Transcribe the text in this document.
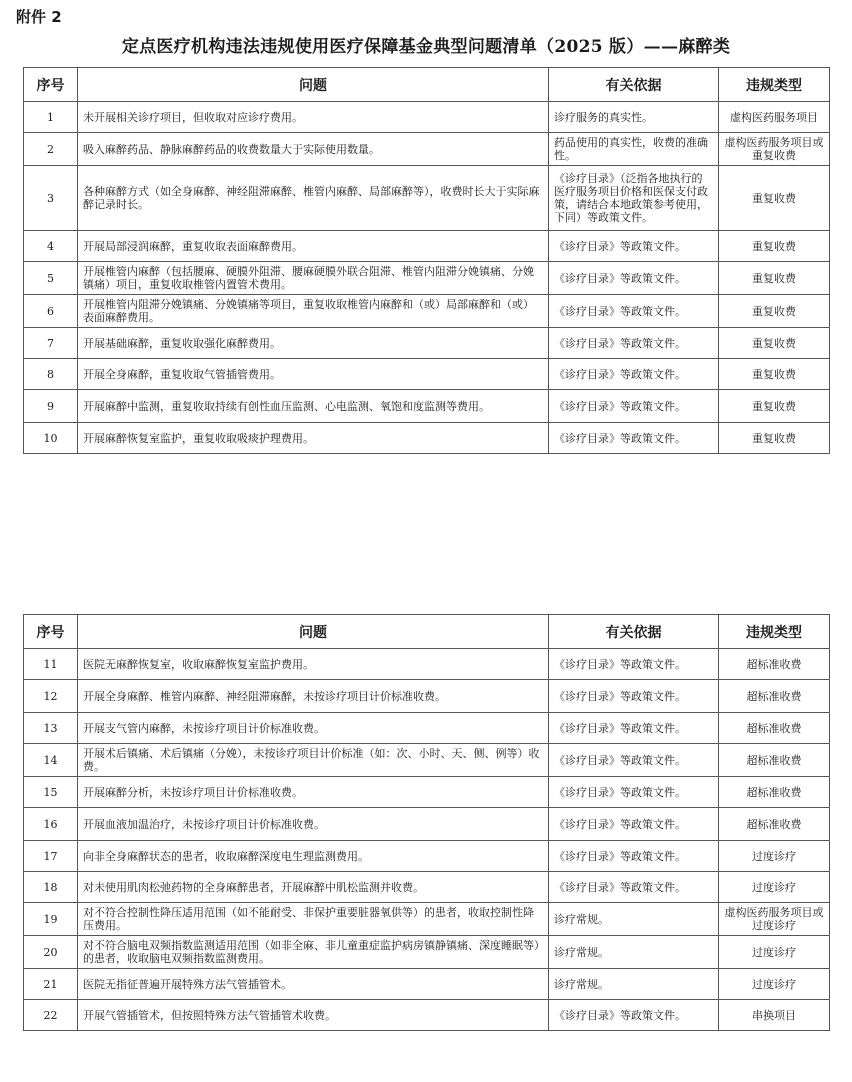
附件 2
定点医疗机构违法违规使用医疗保障基金典型问题清单（2025 版）——麻醉类
序号	问题	有关依据	违规类型
1	未开展相关诊疗项目，但收取对应诊疗费用。	诊疗服务的真实性。	虚构医药服务项目
2	吸入麻醉药品、静脉麻醉药品的收费数量大于实际使用数量。	药品使用的真实性，收费的准确性。	虚构医药服务项目或重复收费
3	各种麻醉方式（如全身麻醉、神经阻滞麻醉、椎管内麻醉、局部麻醉等），收费时长大于实际麻醉记录时长。	《诊疗目录》（泛指各地执行的医疗服务项目价格和医保支付政策，请结合本地政策参考使用，下同）等政策文件。	重复收费
4	开展局部浸润麻醉，重复收取表面麻醉费用。	《诊疗目录》等政策文件。	重复收费
5	开展椎管内麻醉（包括腰麻、硬膜外阻滞、腰麻硬膜外联合阻滞、椎管内阻滞分娩镇痛、分娩镇痛）项目，重复收取椎管内置管术费用。	《诊疗目录》等政策文件。	重复收费
6	开展椎管内阻滞分娩镇痛、分娩镇痛等项目，重复收取椎管内麻醉和（或）局部麻醉和（或）表面麻醉费用。	《诊疗目录》等政策文件。	重复收费
7	开展基础麻醉，重复收取强化麻醉费用。	《诊疗目录》等政策文件。	重复收费
8	开展全身麻醉，重复收取气管插管费用。	《诊疗目录》等政策文件。	重复收费
9	开展麻醉中监测，重复收取持续有创性血压监测、心电监测、氧饱和度监测等费用。	《诊疗目录》等政策文件。	重复收费
10	开展麻醉恢复室监护，重复收取吸痰护理费用。	《诊疗目录》等政策文件。	重复收费
序号	问题	有关依据	违规类型
11	医院无麻醉恢复室，收取麻醉恢复室监护费用。	《诊疗目录》等政策文件。	超标准收费
12	开展全身麻醉、椎管内麻醉、神经阻滞麻醉，未按诊疗项目计价标准收费。	《诊疗目录》等政策文件。	超标准收费
13	开展支气管内麻醉，未按诊疗项目计价标准收费。	《诊疗目录》等政策文件。	超标准收费
14	开展术后镇痛、术后镇痛（分娩），未按诊疗项目计价标准（如：次、小时、天、侧、例等）收费。	《诊疗目录》等政策文件。	超标准收费
15	开展麻醉分析，未按诊疗项目计价标准收费。	《诊疗目录》等政策文件。	超标准收费
16	开展血液加温治疗，未按诊疗项目计价标准收费。	《诊疗目录》等政策文件。	超标准收费
17	向非全身麻醉状态的患者，收取麻醉深度电生理监测费用。	《诊疗目录》等政策文件。	过度诊疗
18	对未使用肌肉松弛药物的全身麻醉患者，开展麻醉中肌松监测并收费。	《诊疗目录》等政策文件。	过度诊疗
19	对不符合控制性降压适用范围（如不能耐受、非保护重要脏器氧供等）的患者，收取控制性降压费用。	诊疗常规。	虚构医药服务项目或过度诊疗
20	对不符合脑电双频指数监测适用范围（如非全麻、非儿童重症监护病房镇静镇痛、深度睡眠等）的患者，收取脑电双频指数监测费用。	诊疗常规。	过度诊疗
21	医院无指征普遍开展特殊方法气管插管术。	诊疗常规。	过度诊疗
22	开展气管插管术，但按照特殊方法气管插管术收费。	《诊疗目录》等政策文件。	串换项目
